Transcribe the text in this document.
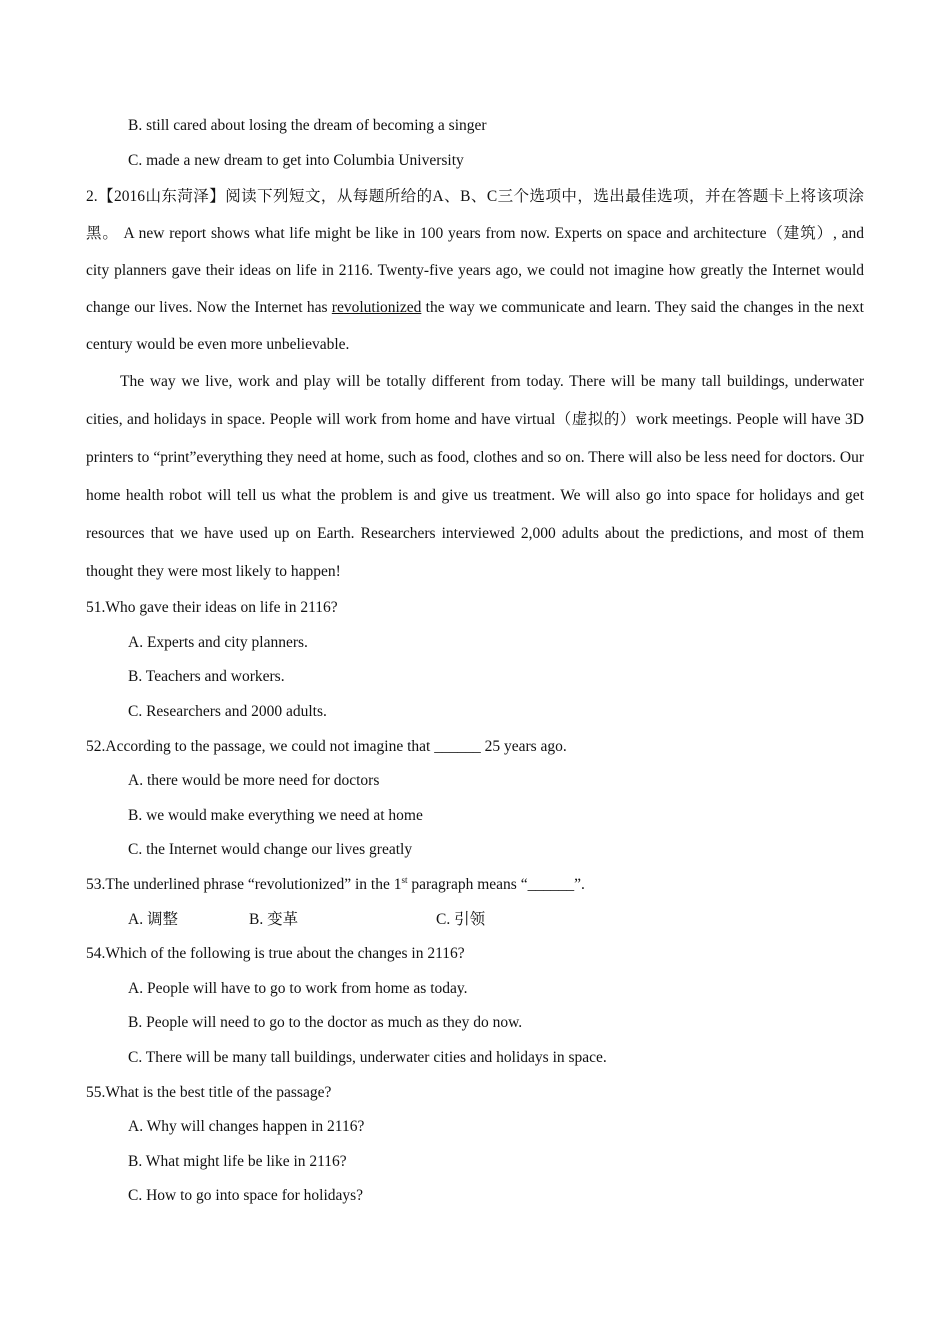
B. still cared about losing the dream of becoming a singer
C. made a new dream to get into Columbia University

2.【2016山东菏泽】阅读下列短文，从每题所给的A、B、C三个选项中，选出最佳选项，并在答题卡上将该项涂黑。 A new report shows what life might be like in 100 years from now. Experts on space and architecture（建筑）, and city planners gave their ideas on life in 2116. Twenty-five years ago, we could not imagine how greatly the Internet would change our lives. Now the Internet has revolutionized the way we communicate and learn. They said the changes in the next century would be even more unbelievable.

The way we live, work and play will be totally different from today. There will be many tall buildings, underwater cities, and holidays in space. People will work from home and have virtual（虚拟的）work meetings. People will have 3D printers to “print”everything they need at home, such as food, clothes and so on. There will also be less need for doctors. Our home health robot will tell us what the problem is and give us treatment. We will also go into space for holidays and get resources that we have used up on Earth. Researchers interviewed 2,000 adults about the predictions, and most of them thought they were most likely to happen!

51.Who gave their ideas on life in 2116?
A. Experts and city planners.
B. Teachers and workers.
C. Researchers and 2000 adults.
52.According to the passage, we could not imagine that ______ 25 years ago.
A. there would be more need for doctors
B. we would make everything we need at home
C. the Internet would change our lives greatly
53.The underlined phrase “revolutionized” in the 1st paragraph means “______”.
A. 调整	B. 变革	C. 引领
54.Which of the following is true about the changes in 2116?
A. People will have to go to work from home as today.
B. People will need to go to the doctor as much as they do now.
C. There will be many tall buildings, underwater cities and holidays in space.
55.What is the best title of the passage?
A. Why will changes happen in 2116?
B. What might life be like in 2116?
C. How to go into space for holidays?
